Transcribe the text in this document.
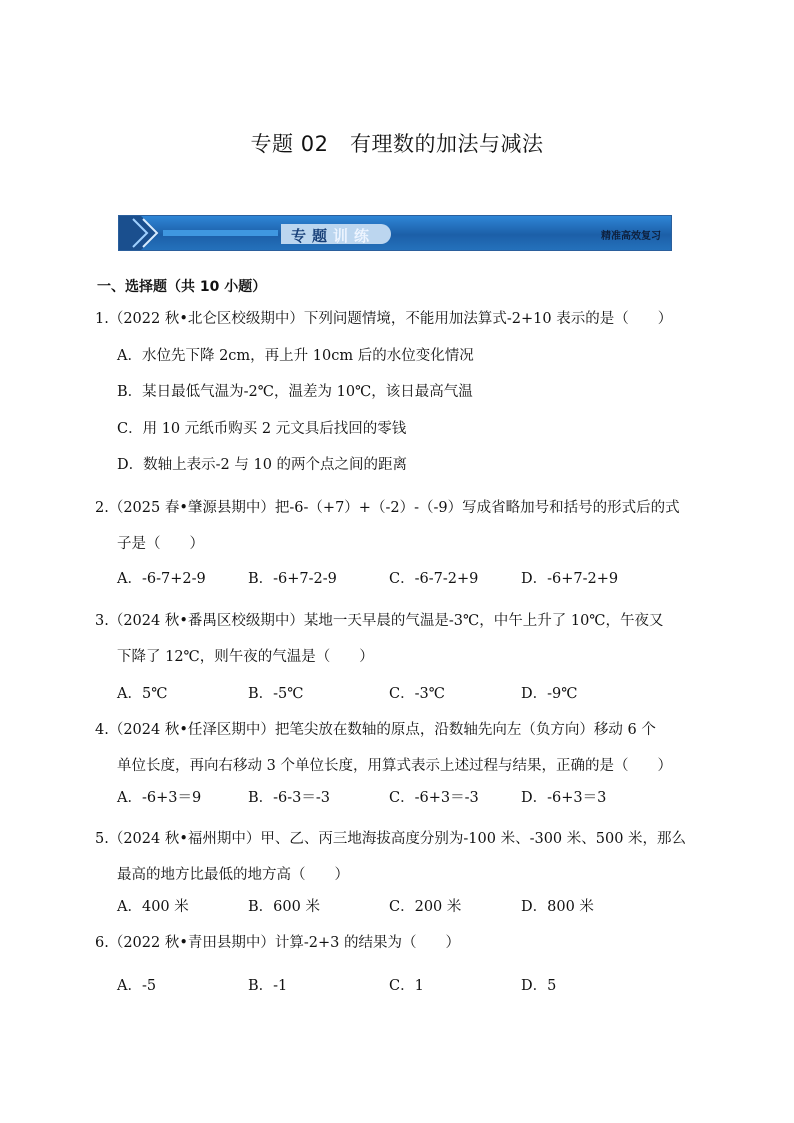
专题 02　有理数的加法与减法
专题训练	精准高效复习
一、选择题（共 10 小题）
1.（2022 秋•北仑区校级期中）下列问题情境，不能用加法算式-2+10 表示的是（　　）
A．水位先下降 2cm，再上升 10cm 后的水位变化情况
B．某日最低气温为-2℃，温差为 10℃，该日最高气温
C．用 10 元纸币购买 2 元文具后找回的零钱
D．数轴上表示-2 与 10 的两个点之间的距离
2.（2025 春•肇源县期中）把-6-（+7）+（-2）-（-9）写成省略加号和括号的形式后的式
子是（　　）
A．-6-7+2-9	B．-6+7-2-9	C．-6-7-2+9	D．-6+7-2+9
3.（2024 秋•番禺区校级期中）某地一天早晨的气温是-3℃，中午上升了 10℃，午夜又
下降了 12℃，则午夜的气温是（　　）
A．5℃	B．-5℃	C．-3℃	D．-9℃
4.（2024 秋•任泽区期中）把笔尖放在数轴的原点，沿数轴先向左（负方向）移动 6 个
单位长度，再向右移动 3 个单位长度，用算式表示上述过程与结果，正确的是（　　）
A．-6+3＝9	B．-6-3＝-3	C．-6+3＝-3	D．-6+3＝3
5.（2024 秋•福州期中）甲、乙、丙三地海拔高度分别为-100 米、-300 米、500 米，那么
最高的地方比最低的地方高（　　）
A．400 米	B．600 米	C．200 米	D．800 米
6.（2022 秋•青田县期中）计算-2+3 的结果为（　　）
A．-5	B．-1	C．1	D．5
